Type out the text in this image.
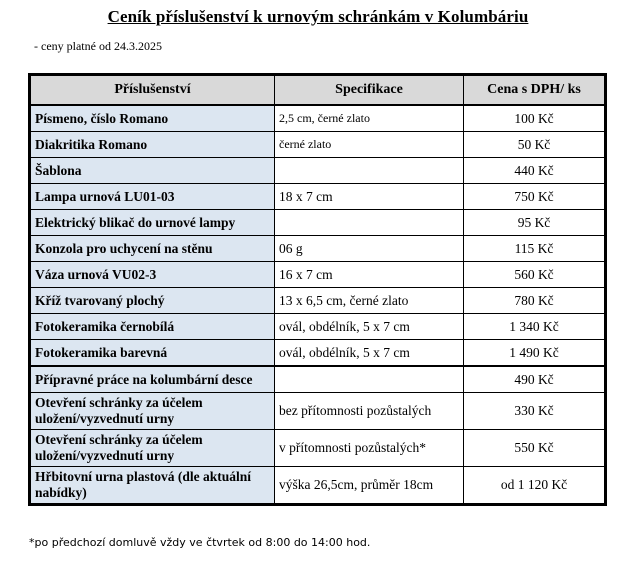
Ceník příslušenství k urnovým schránkám v Kolumbáriu
- ceny platné od 24.3.2025
Příslušenství	Specifikace	Cena s DPH/ ks
Písmeno, číslo Romano	2,5 cm, černé zlato	100 Kč
Diakritika Romano	černé zlato	50 Kč
Šablona		440 Kč
Lampa urnová LU01-03	18 x 7 cm	750 Kč
Elektrický blikač do urnové lampy		95 Kč
Konzola pro uchycení na stěnu	06 g	115 Kč
Váza urnová VU02-3	16 x 7 cm	560 Kč
Kříž tvarovaný plochý	13 x 6,5 cm, černé zlato	780 Kč
Fotokeramika černobílá	ovál, obdélník, 5 x 7 cm	1 340 Kč
Fotokeramika barevná	ovál, obdélník, 5 x 7 cm	1 490 Kč
Přípravné práce na kolumbární desce		490 Kč
Otevření schránky za účelem uložení/vyzvednutí urny	bez přítomnosti pozůstalých	330 Kč
Otevření schránky za účelem uložení/vyzvednutí urny	v přítomnosti pozůstalých*	550 Kč
Hřbitovní urna plastová (dle aktuální nabídky)	výška 26,5cm, průměr 18cm	od 1 120 Kč
*po předchozí domluvě vždy ve čtvrtek od 8:00 do 14:00 hod.
